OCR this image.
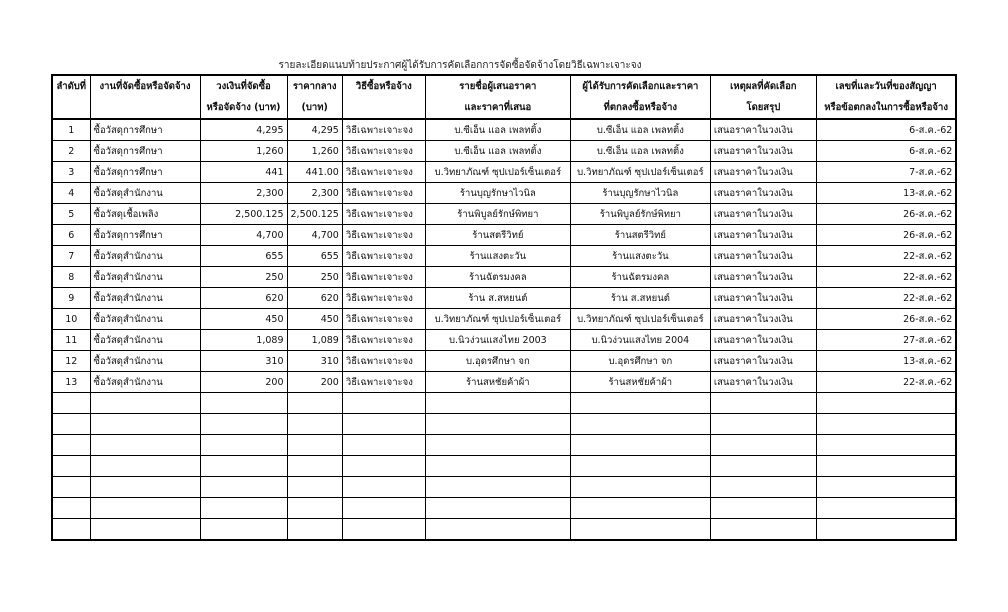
รายละเอียดแนบท้ายประกาศผู้ได้รับการคัดเลือกการจัดซื้อจัดจ้างโดยวิธีเฉพาะเจาะจง
ลำดับที่	งานที่จัดซื้อหรือจัดจ้าง	วงเงินที่จัดซื้อ	ราคากลาง	วิธีซื้อหรือจ้าง	รายชื่อผู้เสนอราคา	ผู้ได้รับการคัดเลือกและราคา	เหตุผลที่คัดเลือก	เลขที่และวันที่ของสัญญา
		หรือจัดจ้าง (บาท)	(บาท)		และราคาที่เสนอ	ที่ตกลงซื้อหรือจ้าง	โดยสรุป	หรือข้อตกลงในการซื้อหรือจ้าง
1	ซื้อวัสดุการศึกษา	4,295	4,295	วิธีเฉพาะเจาะจง	บ.ซีเอ็น แอล เพลทติ้ง	บ.ซีเอ็น แอล เพลทติ้ง	เสนอราคาในวงเงิน	6-ส.ค.-62
2	ซื้อวัสดุการศึกษา	1,260	1,260	วิธีเฉพาะเจาะจง	บ.ซีเอ็น แอล เพลทติ้ง	บ.ซีเอ็น แอล เพลทติ้ง	เสนอราคาในวงเงิน	6-ส.ค.-62
3	ซื้อวัสดุการศึกษา	441	441.00	วิธีเฉพาะเจาะจง	บ.วิทยาภัณฑ์ ซุปเปอร์เซ็นเตอร์	บ.วิทยาภัณฑ์ ซุปเปอร์เซ็นเตอร์	เสนอราคาในวงเงิน	7-ส.ค.-62
4	ซื้อวัสดุสำนักงาน	2,300	2,300	วิธีเฉพาะเจาะจง	ร้านบุญรักษาไวนิล	ร้านบุญรักษาไวนิล	เสนอราคาในวงเงิน	13-ส.ค.-62
5	ซื้อวัสดุเชื้อเพลิง	2,500.125	2,500.125	วิธีเฉพาะเจาะจง	ร้านพิบูลย์รักษ์พิทยา	ร้านพิบูลย์รักษ์พิทยา	เสนอราคาในวงเงิน	26-ส.ค.-62
6	ซื้อวัสดุการศึกษา	4,700	4,700	วิธีเฉพาะเจาะจง	ร้านสตรีวิทย์	ร้านสตรีวิทย์	เสนอราคาในวงเงิน	26-ส.ค.-62
7	ซื้อวัสดุสำนักงาน	655	655	วิธีเฉพาะเจาะจง	ร้านแสงตะวัน	ร้านแสงตะวัน	เสนอราคาในวงเงิน	22-ส.ค.-62
8	ซื้อวัสดุสำนักงาน	250	250	วิธีเฉพาะเจาะจง	ร้านฉัตรมงคล	ร้านฉัตรมงคล	เสนอราคาในวงเงิน	22-ส.ค.-62
9	ซื้อวัสดุสำนักงาน	620	620	วิธีเฉพาะเจาะจง	ร้าน ส.สหยนต์	ร้าน ส.สหยนต์	เสนอราคาในวงเงิน	22-ส.ค.-62
10	ซื้อวัสดุสำนักงาน	450	450	วิธีเฉพาะเจาะจง	บ.วิทยาภัณฑ์ ซุปเปอร์เซ็นเตอร์	บ.วิทยาภัณฑ์ ซุปเปอร์เซ็นเตอร์	เสนอราคาในวงเงิน	26-ส.ค.-62
11	ซื้อวัสดุสำนักงาน	1,089	1,089	วิธีเฉพาะเจาะจง	บ.นิวง่วนแสงไทย 2003	บ.นิวง่วนแสงไทย 2004	เสนอราคาในวงเงิน	27-ส.ค.-62
12	ซื้อวัสดุสำนักงาน	310	310	วิธีเฉพาะเจาะจง	บ.อุดรศึกษา จก	บ.อุดรศึกษา จก	เสนอราคาในวงเงิน	13-ส.ค.-62
13	ซื้อวัสดุสำนักงาน	200	200	วิธีเฉพาะเจาะจง	ร้านสหชัยค้าผ้า	ร้านสหชัยค้าผ้า	เสนอราคาในวงเงิน	22-ส.ค.-62
